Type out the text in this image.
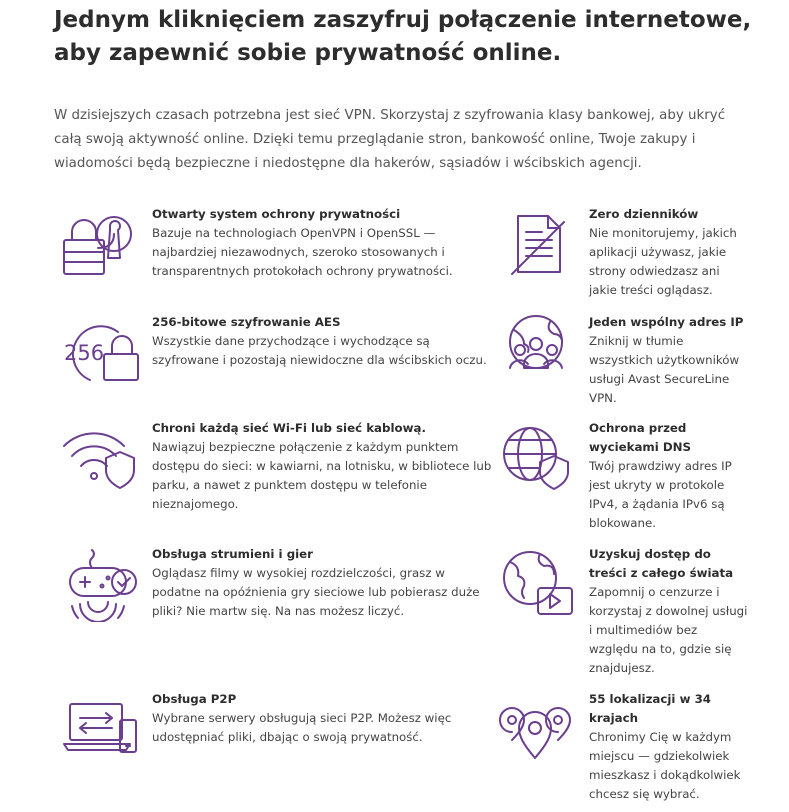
Jednym kliknięciem zaszyfruj połączenie internetowe, aby zapewnić sobie prywatność online.

W dzisiejszych czasach potrzebna jest sieć VPN. Skorzystaj z szyfrowania klasy bankowej, aby ukryć całą swoją aktywność online. Dzięki temu przeglądanie stron, bankowość online, Twoje zakupy i wiadomości będą bezpieczne i niedostępne dla hakerów, sąsiadów i wścibskich agencji.

Otwarty system ochrony prywatności
Bazuje na technologiach OpenVPN i OpenSSL — najbardziej niezawodnych, szeroko stosowanych i transparentnych protokołach ochrony prywatności.
256
256-bitowe szyfrowanie AES
Wszystkie dane przychodzące i wychodzące są szyfrowane i pozostają niewidoczne dla wścibskich oczu.
Chroni każdą sieć Wi-Fi lub sieć kablową.
Nawiązuj bezpieczne połączenie z każdym punktem dostępu do sieci: w kawiarni, na lotnisku, w bibliotece lub parku, a nawet z punktem dostępu w telefonie nieznajomego.
Obsługa strumieni i gier
Oglądasz filmy w wysokiej rozdzielczości, grasz w podatne na opóźnienia gry sieciowe lub pobierasz duże pliki? Nie martw się. Na nas możesz liczyć.
Obsługa P2P
Wybrane serwery obsługują sieci P2P. Możesz więc udostępniać pliki, dbając o swoją prywatność.
Zero dzienników
Nie monitorujemy, jakich aplikacji używasz, jakie strony odwiedzasz ani jakie treści oglądasz.
Jeden wspólny adres IP
Zniknij w tłumie wszystkich użytkowników usługi Avast SecureLine VPN.
Ochrona przed wyciekami DNS
Twój prawdziwy adres IP jest ukryty w protokole IPv4, a żądania IPv6 są blokowane.
Uzyskuj dostęp do treści z całego świata
Zapomnij o cenzurze i korzystaj z dowolnej usługi i multimediów bez względu na to, gdzie się znajdujesz.
55 lokalizacji w 34 krajach
Chronimy Cię w każdym miejscu — gdziekolwiek mieszkasz i dokądkolwiek chcesz się wybrać.
